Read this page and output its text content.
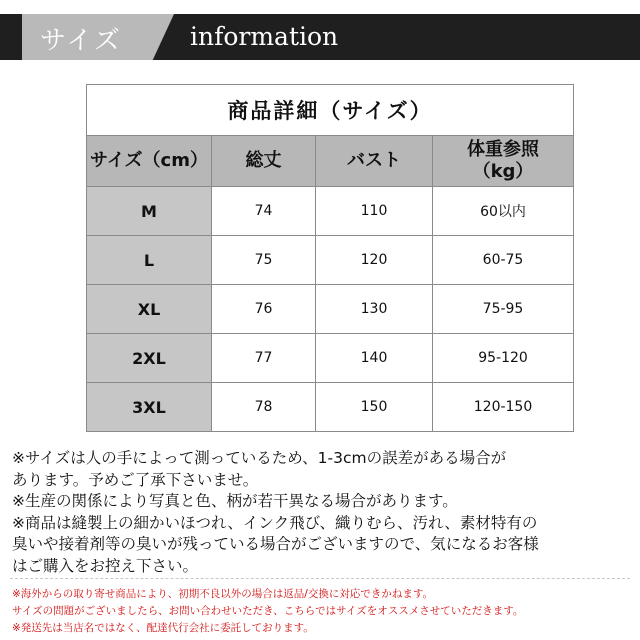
サイズ	information
商品詳細（サイズ）			
サイズ（cm）	総丈	バスト	体重参照
（kg）
M	74	110	60以内
L	75	120	60-75
XL	76	130	75-95
2XL	77	140	95-120
3XL	78	150	120-150

※サイズは人の手によって測っているため、1-3cmの誤差がある場合が

あります。予めご了承下さいませ。

※生産の関係により写真と色、柄が若干異なる場合があります。

※商品は縫製上の細かいほつれ、インク飛び、織りむら、汚れ、素材特有の

臭いや接着剤等の臭いが残っている場合がございますので、気になるお客様

はご購入をお控え下さい。

※海外からの取り寄せ商品により、初期不良以外の場合は返品/交換に対応できかねます。

サイズの問題がございましたら、お問い合わせいただき、こちらではサイズをオススメさせていただきます。

※発送先は当店名ではなく、配達代行会社に委託しております。
